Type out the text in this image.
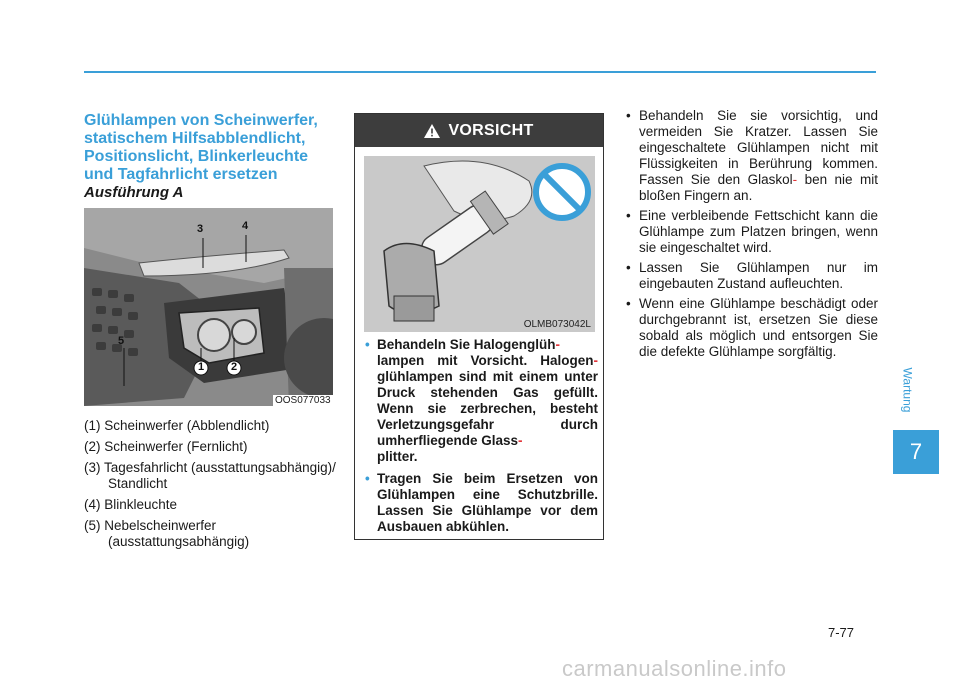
Glühlampen von Scheinwerfer,
statischem Hilfsabblendlicht,
Positionslicht, Blinkerleuchte
und Tagfahrlicht ersetzen
Ausführung A
3	4
5
1 2
OOS077033
(1) Scheinwerfer (Abblendlicht)
(2) Scheinwerfer (Fernlicht)
(3) Tagesfahrlicht (ausstattungsabhängig)/ Standlicht
(4) Blinkleuchte
(5) Nebelscheinwerfer (ausstattungsabhängig)
VORSICHT
OLMB073042L
• Behandeln Sie Halogenglüh-
lampen mit Vorsicht. Halogen- glühlampen sind mit einem unter Druck stehenden Gas gefüllt. Wenn sie zerbrechen, besteht Verletzungsgefahr durch umherfliegende Glass-
plitter.
• Tragen Sie beim Ersetzen von Glühlampen eine Schutzbrille. Lassen Sie Glühlampe vor dem Ausbauen abkühlen.
• Behandeln Sie sie vorsichtig, und vermeiden Sie Kratzer. Lassen Sie eingeschaltete Glühlampen nicht mit Flüssigkeiten in Berührung kommen. Fassen Sie den Glaskol- ben nie mit bloßen Fingern an.
• Eine verbleibende Fettschicht kann die Glühlampe zum Platzen bringen, wenn sie eingeschaltet wird.
• Lassen Sie Glühlampen nur im eingebauten Zustand aufleuchten.
• Wenn eine Glühlampe beschädigt oder durchgebrannt ist, ersetzen Sie diese sobald als möglich und entsorgen Sie die defekte Glühlampe sorgfältig.
Wartung
7
7-77
carmanualsonline.info
